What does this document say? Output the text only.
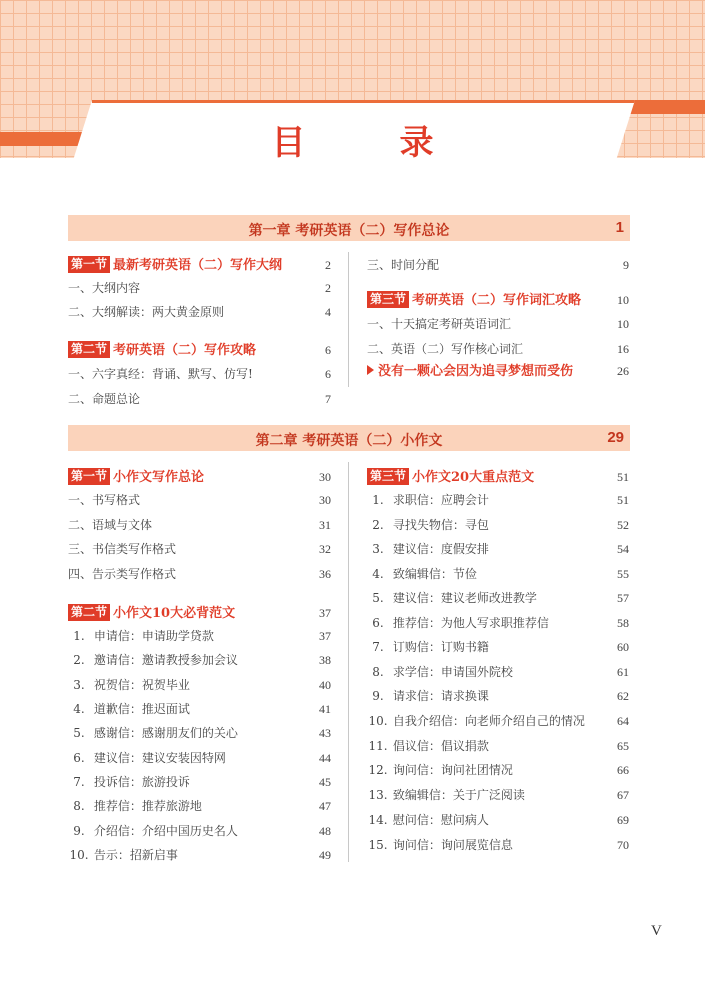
目　录
第一章 考研英语（二）写作总论	1
第一节 最新考研英语（二）写作大纲	2
一、大纲内容	2
二、大纲解读：两大黄金原则	4
第二节 考研英语（二）写作攻略	6
一、六字真经：背诵、默写、仿写!	6
二、命题总论	7
三、时间分配	9
第三节 考研英语（二）写作词汇攻略	10
一、十天搞定考研英语词汇	10
二、英语（二）写作核心词汇	16
没有一颗心会因为追寻梦想而受伤	26
第二章 考研英语（二）小作文	29
第一节 小作文写作总论	30
一、书写格式	30
二、语域与文体	31
三、书信类写作格式	32
四、告示类写作格式	36
第二节 小作文10大必背范文	37
1. 申请信：申请助学贷款	37
2. 邀请信：邀请教授参加会议	38
3. 祝贺信：祝贺毕业	40
4. 道歉信：推迟面试	41
5. 感谢信：感谢朋友们的关心	43
6. 建议信：建议安装因特网	44
7. 投诉信：旅游投诉	45
8. 推荐信：推荐旅游地	47
9. 介绍信：介绍中国历史名人	48
10. 告示：招新启事	49
第三节 小作文20大重点范文	51
1. 求职信：应聘会计	51
2. 寻找失物信：寻包	52
3. 建议信：度假安排	54
4. 致编辑信：节俭	55
5. 建议信：建议老师改进教学	57
6. 推荐信：为他人写求职推荐信	58
7. 订购信：订购书籍	60
8. 求学信：申请国外院校	61
9. 请求信：请求换课	62
10. 自我介绍信：向老师介绍自己的情况	64
11. 倡议信：倡议捐款	65
12. 询问信：询问社团情况	66
13. 致编辑信：关于广泛阅读	67
14. 慰问信：慰问病人	69
15. 询问信：询问展览信息	70
V
